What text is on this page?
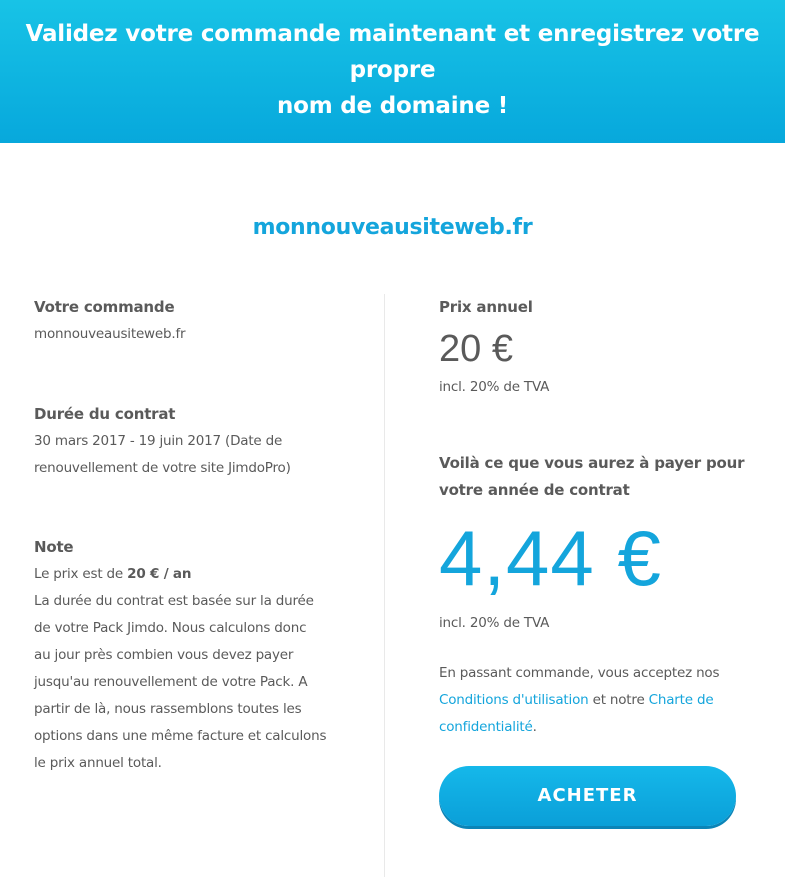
Validez votre commande maintenant et enregistrez votre propre
nom de domaine !
monnouveausiteweb.fr
Votre commande
monnouveausiteweb.fr
Durée du contrat
30 mars 2017 - 19 juin 2017 (Date de
renouvellement de votre site JimdoPro)
Note
Le prix est de 20 € / an
La durée du contrat est basée sur la durée
de votre Pack Jimdo. Nous calculons donc
au jour près combien vous devez payer
jusqu'au renouvellement de votre Pack. A
partir de là, nous rassemblons toutes les
options dans une même facture et calculons
le prix annuel total.
Prix annuel
20 €
incl. 20% de TVA
Voilà ce que vous aurez à payer pour
votre année de contrat
4,44 €
incl. 20% de TVA
En passant commande, vous acceptez nos
Conditions d'utilisation et notre Charte de
confidentialité.
ACHETER
